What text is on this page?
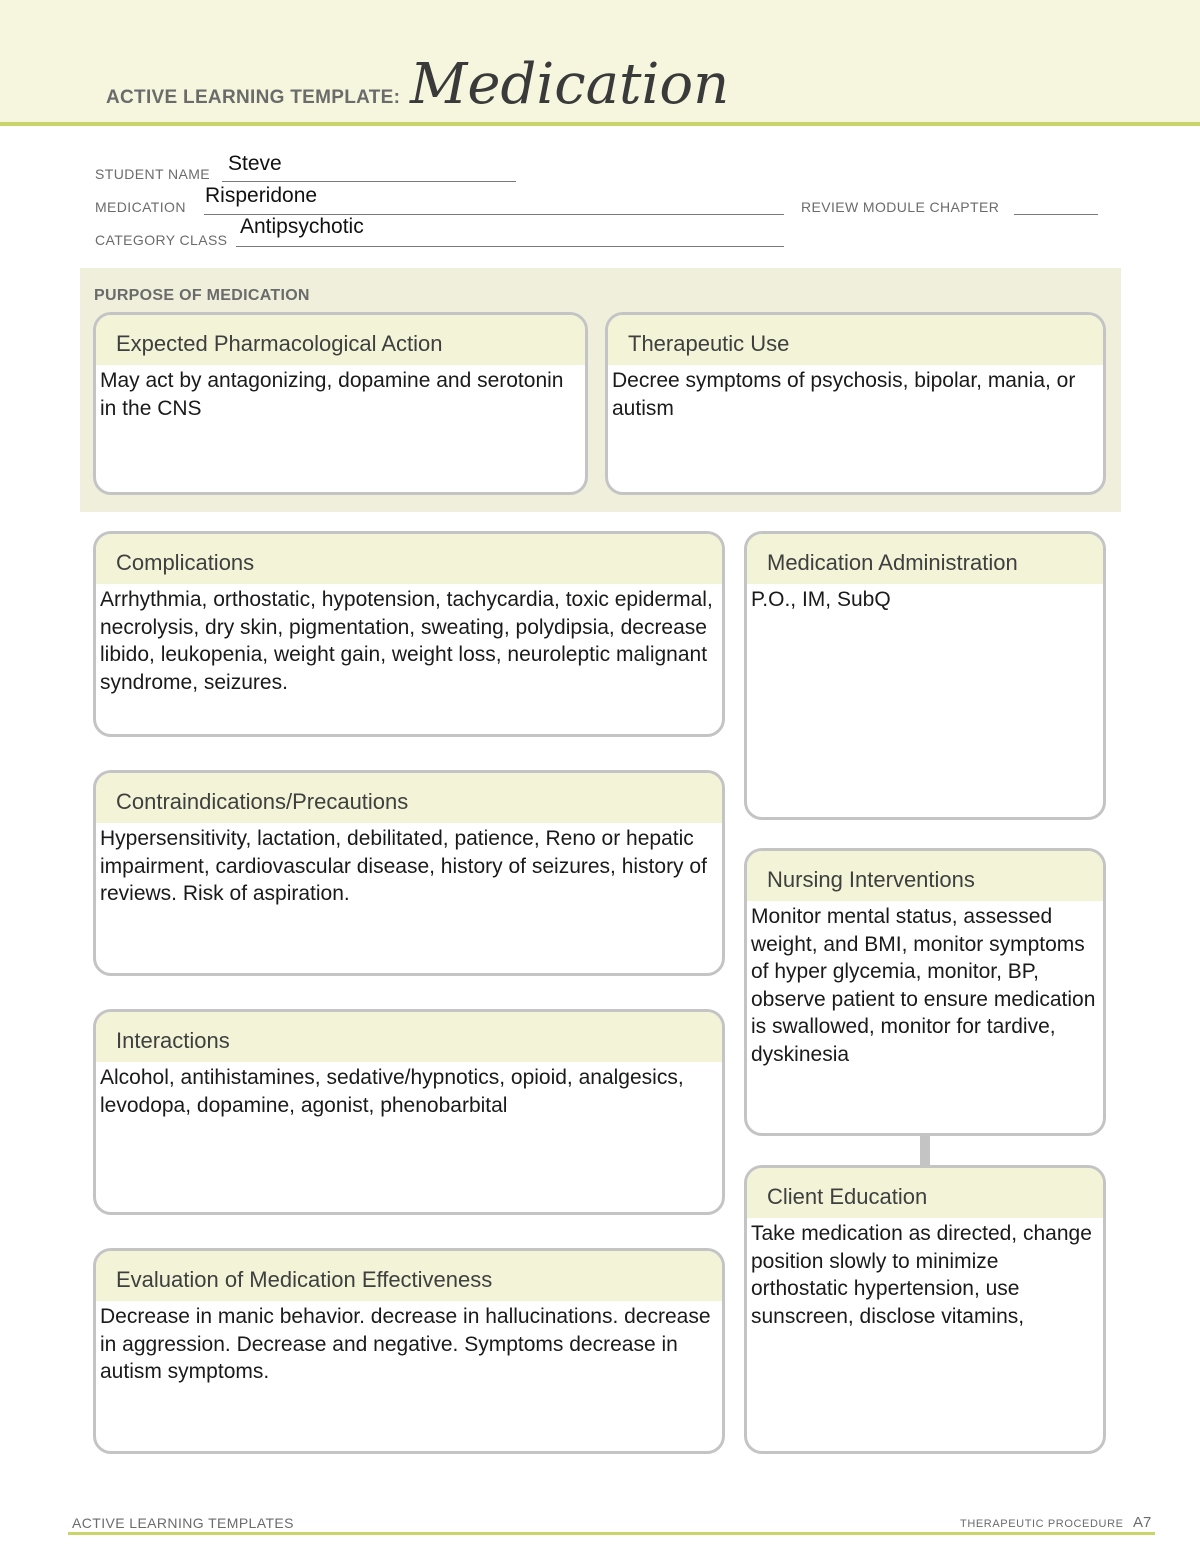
ACTIVE LEARNING TEMPLATE: Medication
STUDENT NAME Steve
MEDICATION Risperidone	REVIEW MODULE CHAPTER
CATEGORY CLASS
Antipsychotic
PURPOSE OF MEDICATION
Expected Pharmacological Action
May act by antagonizing, dopamine and serotonin in the CNS
Therapeutic Use
Decree symptoms of psychosis, bipolar, mania, or autism
Complications
Arrhythmia, orthostatic, hypotension, tachycardia, toxic epidermal, necrolysis, dry skin, pigmentation, sweating, polydipsia, decrease libido, leukopenia, weight gain, weight loss, neuroleptic malignant syndrome, seizures.
Contraindications/Precautions
Hypersensitivity, lactation, debilitated, patience, Reno or hepatic impairment, cardiovascular disease, history of seizures, history of reviews. Risk of aspiration.
Interactions
Alcohol, antihistamines, sedative/hypnotics, opioid, analgesics, levodopa, dopamine, agonist, phenobarbital
Evaluation of Medication Effectiveness
Decrease in manic behavior. decrease in hallucinations. decrease in aggression. Decrease and negative. Symptoms decrease in autism symptoms.
Medication Administration
P.O., IM, SubQ
Nursing Interventions
Monitor mental status, assessed weight, and BMI, monitor symptoms of hyper glycemia, monitor, BP, observe patient to ensure medication is swallowed, monitor for tardive, dyskinesia
Client Education
Take medication as directed, change position slowly to minimize orthostatic hypertension, use sunscreen, disclose vitamins,
ACTIVE LEARNING TEMPLATES	THERAPEUTIC PROCEDURE A7
